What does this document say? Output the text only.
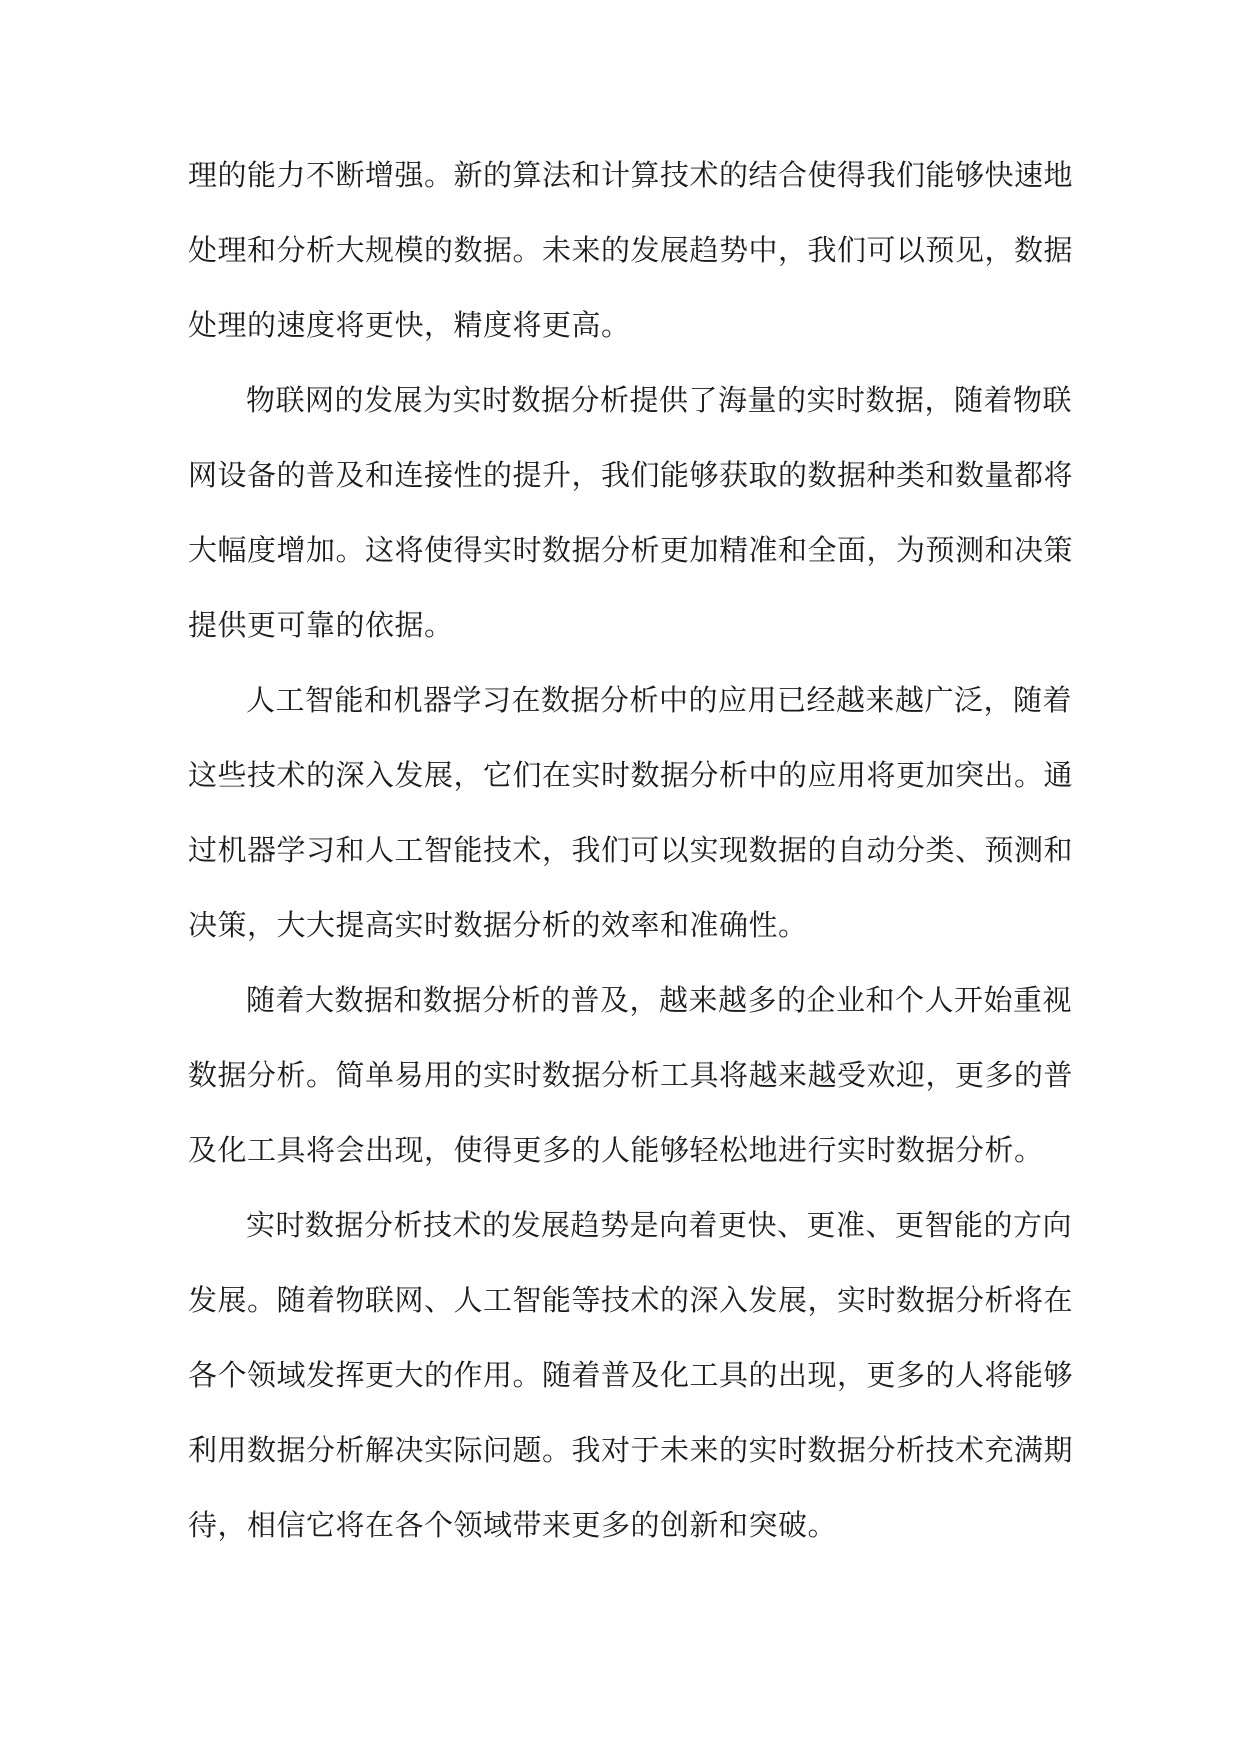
理的能力不断增强。新的算法和计算技术的结合使得我们能够快速地
处理和分析大规模的数据。未来的发展趋势中，我们可以预见，数据
处理的速度将更快，精度将更高。
物联网的发展为实时数据分析提供了海量的实时数据，随着物联
网设备的普及和连接性的提升，我们能够获取的数据种类和数量都将
大幅度增加。这将使得实时数据分析更加精准和全面，为预测和决策
提供更可靠的依据。
人工智能和机器学习在数据分析中的应用已经越来越广泛，随着
这些技术的深入发展，它们在实时数据分析中的应用将更加突出。通
过机器学习和人工智能技术，我们可以实现数据的自动分类、预测和
决策，大大提高实时数据分析的效率和准确性。
随着大数据和数据分析的普及，越来越多的企业和个人开始重视
数据分析。简单易用的实时数据分析工具将越来越受欢迎，更多的普
及化工具将会出现，使得更多的人能够轻松地进行实时数据分析。
实时数据分析技术的发展趋势是向着更快、更准、更智能的方向
发展。随着物联网、人工智能等技术的深入发展，实时数据分析将在
各个领域发挥更大的作用。随着普及化工具的出现，更多的人将能够
利用数据分析解决实际问题。我对于未来的实时数据分析技术充满期
待，相信它将在各个领域带来更多的创新和突破。
